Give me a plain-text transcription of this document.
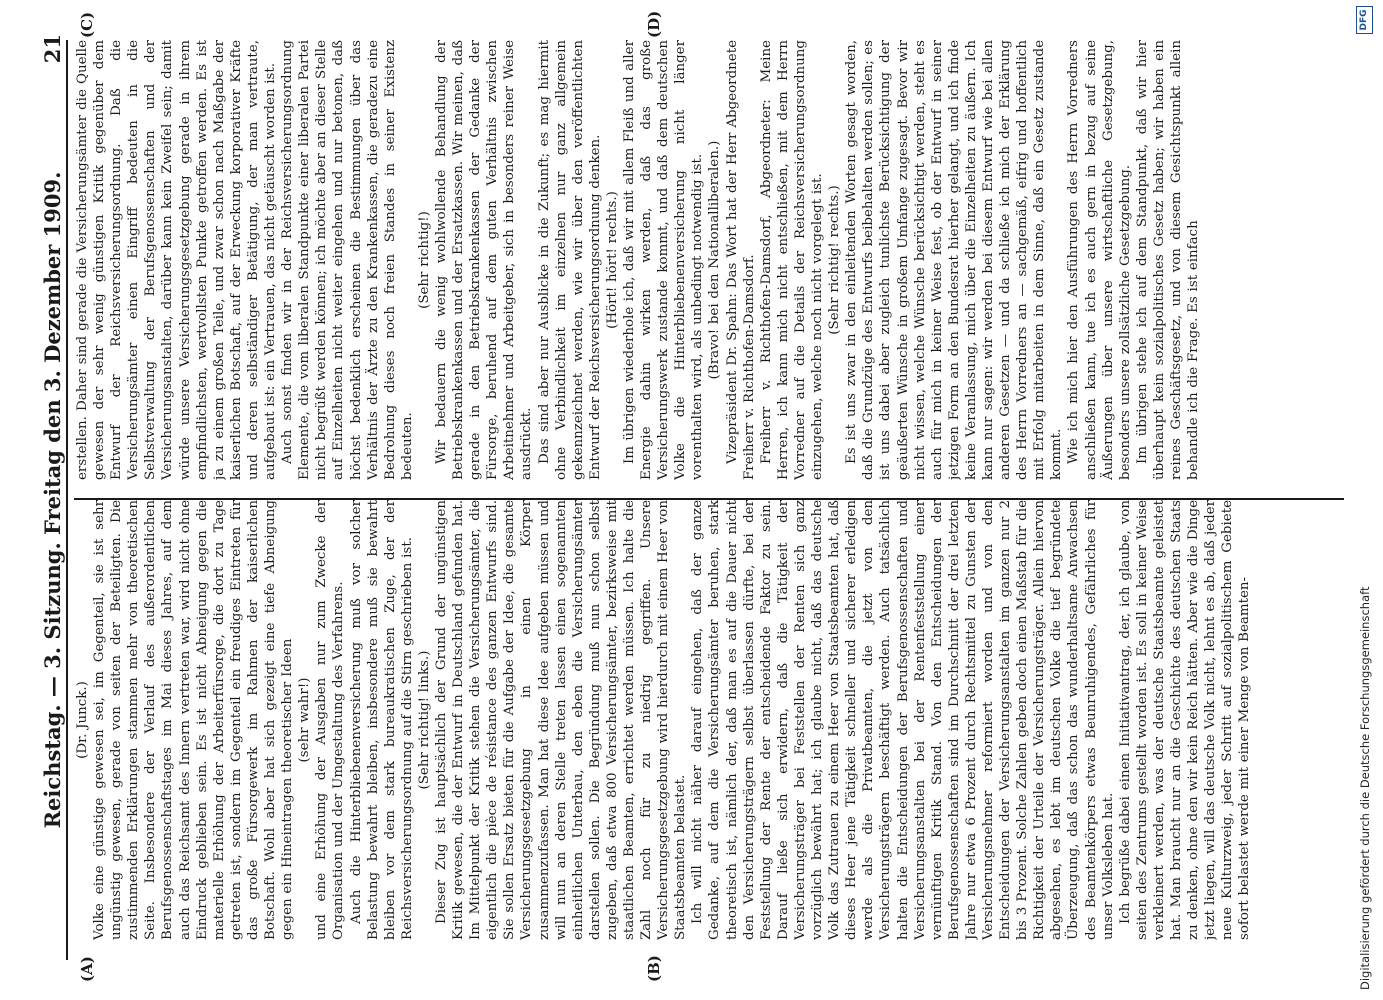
Reichstag. — 3. Sitzung. Freitag den 3. Dezember 1909.
21
(A)	(B)
(C)	(D)

(Dr. Junck.) Volke eine günstige gewesen sei, im Gegenteil, sie ist sehr ungünstig gewesen, gerade von seiten der Beteiligten. Die zustimmenden Erklärungen stammen mehr von theoretischen Seite. Insbesondere der Verlauf des außerordentlichen Berufsgenossenschaftstages im Mai dieses Jahres, auf dem auch das Reichsamt des Innern vertreten war, wird nicht ohne Eindruck geblieben sein. Es ist nicht Abneigung gegen die materielle Erhöhung der Arbeiterfürsorge, die dort zu Tage getreten ist, sondern im Gegenteil ein freudiges Eintreten für das große Fürsorgewerk im Rahmen der kaiserlichen Botschaft. Wohl aber hat sich gezeigt eine tiefe Abneigung gegen ein Hineintragen theoretischer Ideen (sehr wahr!) und eine Erhöhung der Ausgaben nur zum Zwecke der Organisation und der Umgestaltung des Verfahrens. Auch die Hinterbliebenenversicherung muß vor solcher Belastung bewahrt bleiben, insbesondere muß sie bewahrt bleiben vor dem stark bureaukratischen Zuge, der der Reichsversicherungsordnung auf die Stirn geschrieben ist. (Sehr richtig! links.) Dieser Zug ist hauptsächlich der Grund der ungünstigen Kritik gewesen, die der Entwurf in Deutschland gefunden hat. Im Mittelpunkt der Kritik stehen die Versicherungsämter, die eigentlich die pièce de résistance des ganzen Entwurfs sind. Sie sollen Ersatz bieten für die Aufgabe der Idee, die gesamte Versicherungsgesetzgebung in einen Körper zusammenzufassen. Man hat diese Idee aufgeben müssen und will nun an deren Stelle treten lassen einen sogenannten einheitlichen Unterbau, den eben die Versicherungsämter darstellen sollen. Die Begründung muß nun schon selbst zugeben, daß etwa 800 Versicherungsämter, bezirksweise mit staatlichen Beamten, errichtet werden müssen. Ich halte die Zahl noch für zu niedrig gegriffen. Unsere Versicherungsgesetzgebung wird hierdurch mit einem Heer von Staatsbeamten belastet. Ich will nicht näher darauf eingehen, daß der ganze Gedanke, auf dem die Versicherungsämter beruhen, stark theoretisch ist, nämlich der, daß man es auf die Dauer nicht den Versicherungsträgern selbst überlassen dürfte, bei der Feststellung der Rente der entscheidende Faktor zu sein. Darauf ließe sich erwidern, daß die Tätigkeit der Versicherungsträger bei Feststellen der Renten sich ganz vorzüglich bewährt hat; ich glaube nicht, daß das deutsche Volk das Zutrauen zu einem Heer von Staatsbeamten hat, daß dieses Heer jene Tätigkeit schneller und sicherer erledigen werde als die Privatbeamten, die jetzt von den Versicherungsträgern beschäftigt werden. Auch tatsächlich halten die Entscheidungen der Berufsgenossenschaften und Versicherungsanstalten bei der Rentenfeststellung einer vernünftigen Kritik Stand. Von den Entscheidungen der Berufsgenossenschaften sind im Durchschnitt der drei letzten Jahre nur etwa 6 Prozent durch Rechtsmittel zu Gunsten der Versicherungsnehmer reformiert worden und von den Entscheidungen der Versicherungsanstalten im ganzen nur 2 bis 3 Prozent. Solche Zahlen geben doch einen Maßstab für die Richtigkeit der Urteile der Versicherungsträger. Allein hiervon abgesehen, es lebt im deutschen Volke die tief begründete Überzeugung, daß das schon das wunderhaltsame Anwachsen des Beamtenkörpers etwas Beunruhigendes, Gefährliches für unser Volksleben hat. Ich begrüße dabei einen Initiativantrag, der, ich glaube, von seiten des Zentrums gestellt worden ist. Es soll in keiner Weise verkleinert werden, was der deutsche Staatsbeamte geleistet hat. Man braucht nur an die Geschichte des deutschen Staats zu denken, ohne den wir kein Reich hätten. Aber wie die Dinge jetzt liegen, will das deutsche Volk nicht, lehnt es ab, daß jeder neue Kulturzweig, jeder Schritt auf sozialpolitischem Gebiete sofort belastet werde mit einer Menge von Beamten-

erstellen. Daher sind gerade die Versicherungsämter die Quelle gewesen der sehr wenig günstigen Kritik gegenüber dem Entwurf der Reichsversicherungsordnung. Daß die Versicherungsämter einen Eingriff bedeuten in die Selbstverwaltung der Berufsgenossenschaften und der Versicherungsanstalten, darüber kann kein Zweifel sein; damit würde unsere Versicherungsgesetzgebung gerade in ihrem empfindlichsten, wertvollsten Punkte getroffen werden. Es ist ja zu einem großen Teile, und zwar schon nach Maßgabe der kaiserlichen Botschaft, auf der Erweckung korporativer Kräfte und deren selbständiger Betätigung, der man vertraute, aufgebaut ist: ein Vertrauen, das nicht getäuscht worden ist. Auch sonst finden wir in der Reichsversicherungsordnung Elemente, die vom liberalen Standpunkte einer liberalen Partei nicht begrüßt werden können; ich möchte aber an dieser Stelle auf Einzelheiten nicht weiter eingehen und nur betonen, daß höchst bedenklich erscheinen die Bestimmungen über das Verhältnis der Ärzte zu den Krankenkassen, die geradezu eine Bedrohung dieses noch freien Standes in seiner Existenz bedeuten.

(Sehr richtig!) Wir bedauern die wenig wohlwollende Behandlung der Betriebskrankenkassen und der Ersatzkassen. Wir meinen, daß gerade in den Betriebskrankenkassen der Gedanke der Fürsorge, beruhend auf dem guten Verhältnis zwischen Arbeitnehmer und Arbeitgeber, sich in besonders reiner Weise ausdrückt. Das sind aber nur Ausblicke in die Zukunft; es mag hiermit ohne Verbindlichkeit im einzelnen nur ganz allgemein gekennzeichnet werden, wie wir über den veröffentlichten Entwurf der Reichsversicherungsordnung denken. (Hört! hört! rechts.) Im übrigen wiederhole ich, daß wir mit allem Fleiß und aller Energie dahin wirken werden, daß das große Versicherungswerk zustande kommt, und daß dem deutschen Volke die Hinterbliebenenversicherung nicht länger vorenthalten wird, als unbedingt notwendig ist. (Bravo! bei den Nationalliberalen.) Vizepräsident Dr. Spahn: Das Wort hat der Herr Abgeordnete Freiherr v. Richthofen-Damsdorf. Freiherr v. Richthofen-Damsdorf, Abgeordneter: Meine Herren, ich kann mich nicht entschließen, mit dem Herrn Vorredner auf die Details der Reichsversicherungsordnung einzugehen, welche noch nicht vorgelegt ist. (Sehr richtig! rechts.) Es ist uns zwar in den einleitenden Worten gesagt worden, daß die Grundzüge des Entwurfs beibehalten werden sollen; es ist uns dabei aber zugleich tunlichste Berücksichtigung der geäußerten Wünsche in großem Umfange zugesagt. Bevor wir nicht wissen, welche Wünsche berücksichtigt werden, steht es auch für mich in keiner Weise fest, ob der Entwurf in seiner jetzigen Form an den Bundesrat hierher gelangt, und ich finde keine Veranlassung, mich über die Einzelheiten zu äußern. Ich kann nur sagen: wir werden bei diesem Entwurf wie bei allen anderen Gesetzen — und da schließe ich mich der Erklärung des Herrn Vorredners an — sachgemäß, eifrig und hoffentlich mit Erfolg mitarbeiten in dem Sinne, daß ein Gesetz zustande kommt. Wie ich mich hier den Ausführungen des Herrn Vorredners anschließen kann, tue ich es auch gern in bezug auf seine Äußerungen über unsere wirtschaftliche Gesetzgebung, besonders unsere zollsätzliche Gesetzgebung. Im übrigen stehe ich auf dem Standpunkt, daß wir hier überhaupt kein sozialpolitisches Gesetz haben; wir haben ein reines Geschäftsgesetz, und von diesem Gesichtspunkt allein behandle ich die Frage. Es ist einfach

Digitalisierung gefördert durch die Deutsche Forschungsgemeinschaft
DFG
